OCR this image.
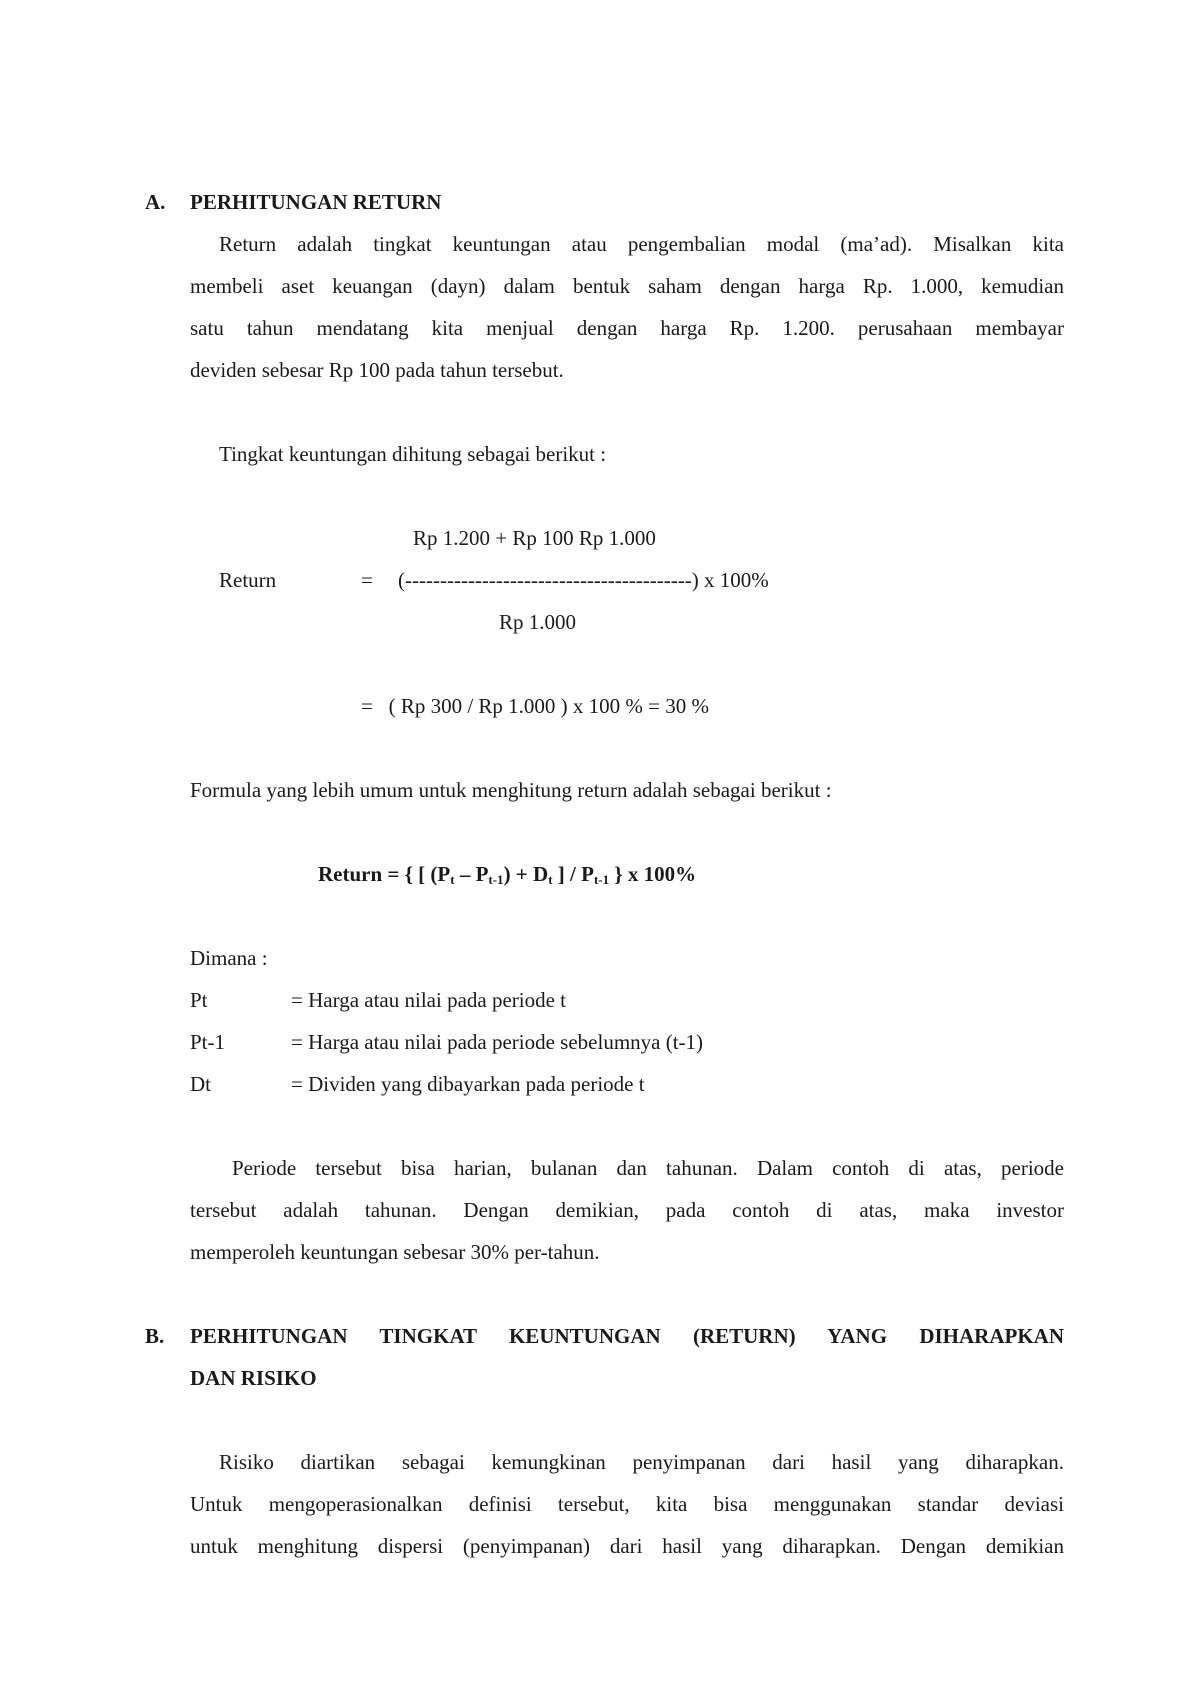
A. PERHITUNGAN RETURN
Return adalah tingkat keuntungan atau pengembalian modal (ma’ad). Misalkan kita
membeli aset keuangan (dayn) dalam bentuk saham dengan harga Rp. 1.000, kemudian
satu tahun mendatang kita menjual dengan harga Rp. 1.200. perusahaan membayar
deviden sebesar Rp 100 pada tahun tersebut.
Tingkat keuntungan dihitung sebagai berikut :
Rp 1.200 + Rp 100 Rp 1.000
Return	= (-----------------------------------------) x 100%
Rp 1.000
=   ( Rp 300 / Rp 1.000 ) x 100 % = 30 %
Formula yang lebih umum untuk menghitung return adalah sebagai berikut :
Return = { [ $(P_t - P_{t-1}) + D_t$ ] / $P_{t-1}$ } x 100%
Dimana :
Pt	= Harga atau nilai pada periode t
Pt-1	= Harga atau nilai pada periode sebelumnya (t-1)
Dt	= Dividen yang dibayarkan pada periode t
Periode tersebut bisa harian, bulanan dan tahunan. Dalam contoh di atas, periode
tersebut adalah tahunan. Dengan demikian, pada contoh di atas, maka investor
memperoleh keuntungan sebesar 30% per-tahun.
B. PERHITUNGAN TINGKAT KEUNTUNGAN (RETURN) YANG DIHARAPKAN
DAN RISIKO
Risiko diartikan sebagai kemungkinan penyimpanan dari hasil yang diharapkan.
Untuk mengoperasionalkan definisi tersebut, kita bisa menggunakan standar deviasi
untuk menghitung dispersi (penyimpanan) dari hasil yang diharapkan. Dengan demikian
